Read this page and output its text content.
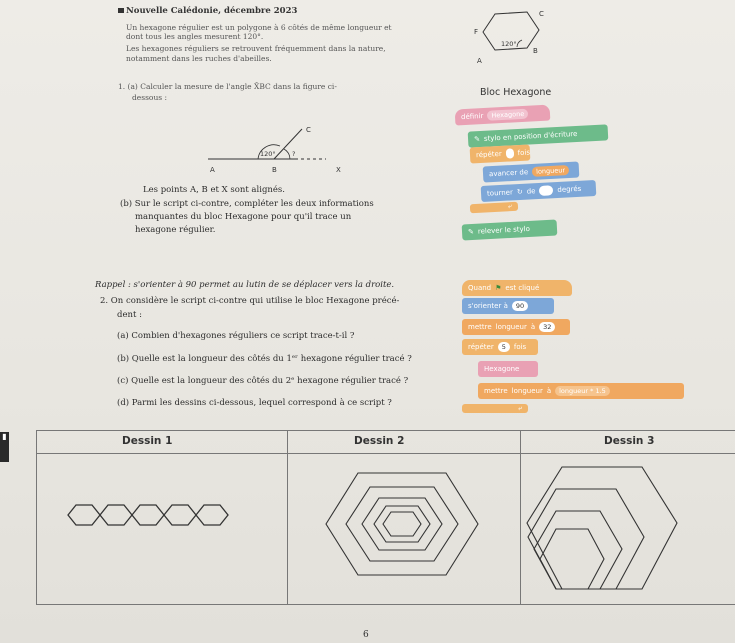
Nouvelle Calédonie, décembre 2023
Un hexagone régulier est un polygone à 6 côtés de même longueur et
dont tous les angles mesurent 120°.
Les hexagones réguliers se retrouvent fréquemment dans la nature,
notamment dans les ruches d'abeilles.
C
F
B
A
120°
1. (a) Calculer la mesure de l'angle X̂BC dans la figure ci-
dessous :
C
A	B	X
120°	?
Les points A, B et X sont alignés.
(b) Sur le script ci-contre, compléter les deux informations
manquantes du bloc Hexagone pour qu'il trace un
hexagone régulier.
Bloc Hexagone
définir	Hexagone
✎ stylo en position d'écriture
répéter fois
avancer de	longueur
tourner ↻ de	degrés
⤶
✎ relever le stylo
Rappel : s'orienter à 90 permet au lutin de se déplacer vers la droite.
2. On considère le script ci-contre qui utilise le bloc Hexagone précé-
dent :
(a) Combien d'hexagones réguliers ce script trace-t-il ?
(b) Quelle est la longueur des côtés du 1ᵉʳ hexagone régulier tracé ?
(c) Quelle est la longueur des côtés du 2ᵉ hexagone régulier tracé ?
(d) Parmi les dessins ci-dessous, lequel correspond à ce script ?
Quand ⚑ est cliqué
s'orienter à	90
mettre longueur à	32
répéter	5	fois
Hexagone
mettre longueur à longueur
* 1.5
⤶
▮	Dessin 1	Dessin 2	Dessin 3
6
